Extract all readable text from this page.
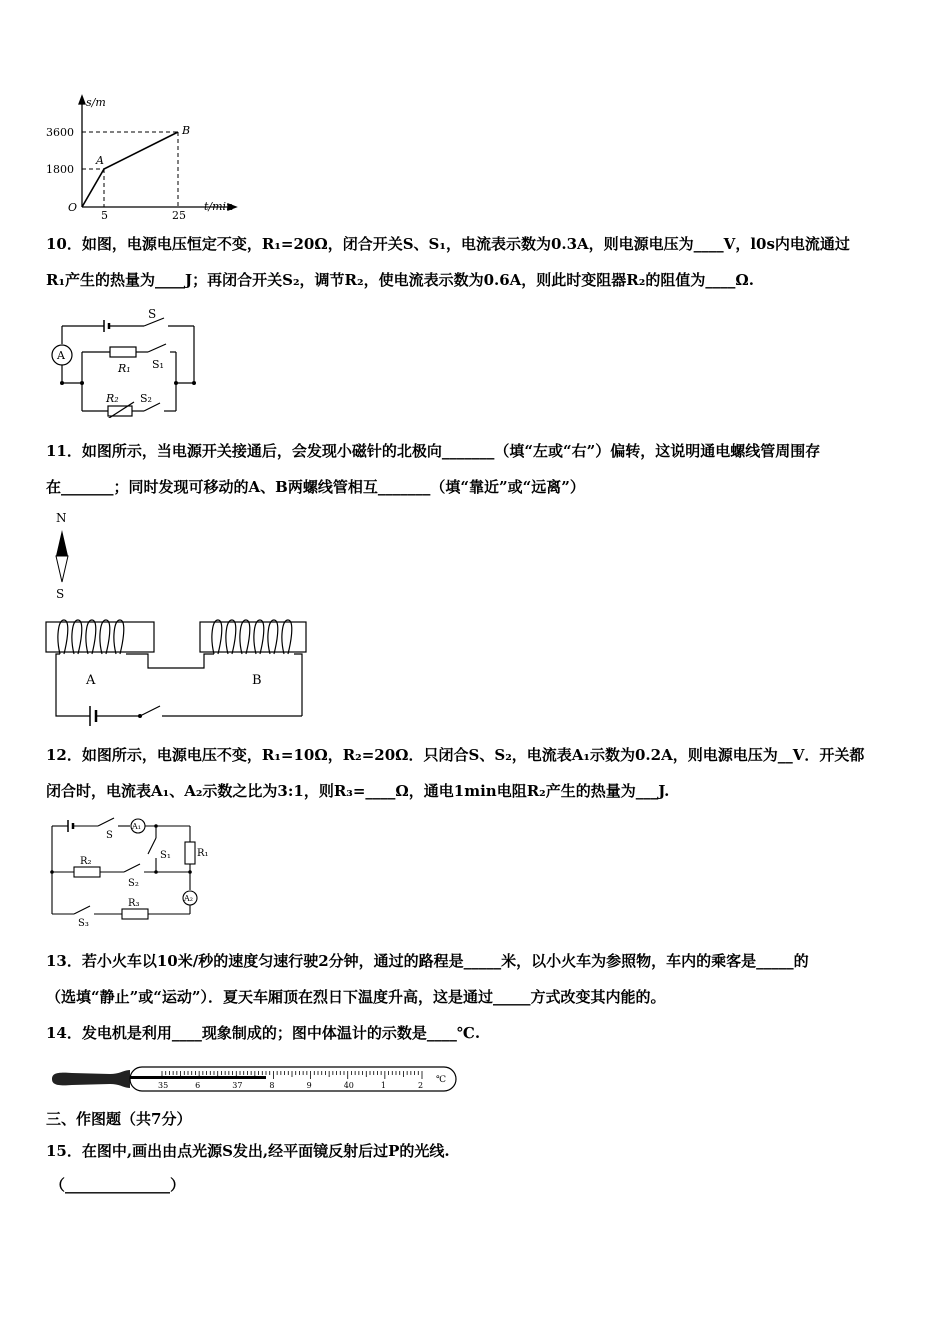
s/m
t/min
O
A
B
3600
1800
5	25
10．如图，电源电压恒定不变，R₁=20Ω，闭合开关S、S₁，电流表示数为0.3A，则电源电压为____V，l0s内电流通过
R₁产生的热量为____J；再闭合开关S₂，调节R₂，使电流表示数为0.6A，则此时变阻器R₂的阻值为____Ω.
A
S
R₁ S₁
R₂ S₂
11．如图所示，当电源开关接通后，会发现小磁针的北极向_______（填“左或“右”）偏转，这说明通电螺线管周围存
在_______；同时发现可移动的A、B两螺线管相互_______（填“靠近”或“远离”）
N
S
A	B
12．如图所示，电源电压不变，R₁=10Ω，R₂=20Ω．只闭合S、S₂，电流表A₁示数为0.2A，则电源电压为__V．开关都
闭合时，电流表A₁、A₂示数之比为3:1，则R₃=____Ω，通电1min电阻R₂产生的热量为___J.
S
A₁
S₁	R₁
R₂
S₂
A₂
S₃
R₃
13．若小火车以10米/秒的速度匀速行驶2分钟，通过的路程是_____米，以小火车为参照物，车内的乘客是_____的
（选填“静止”或“运动”）．夏天车厢顶在烈日下温度升高，这是通过_____方式改变其内能的。
14．发电机是利用____现象制成的；图中体温计的示数是____℃.
35	6	37	8	9	40	1	2
℃
三、作图题（共7分）
15．在图中,画出由点光源S发出,经平面镜反射后过P的光线.
（______________）
